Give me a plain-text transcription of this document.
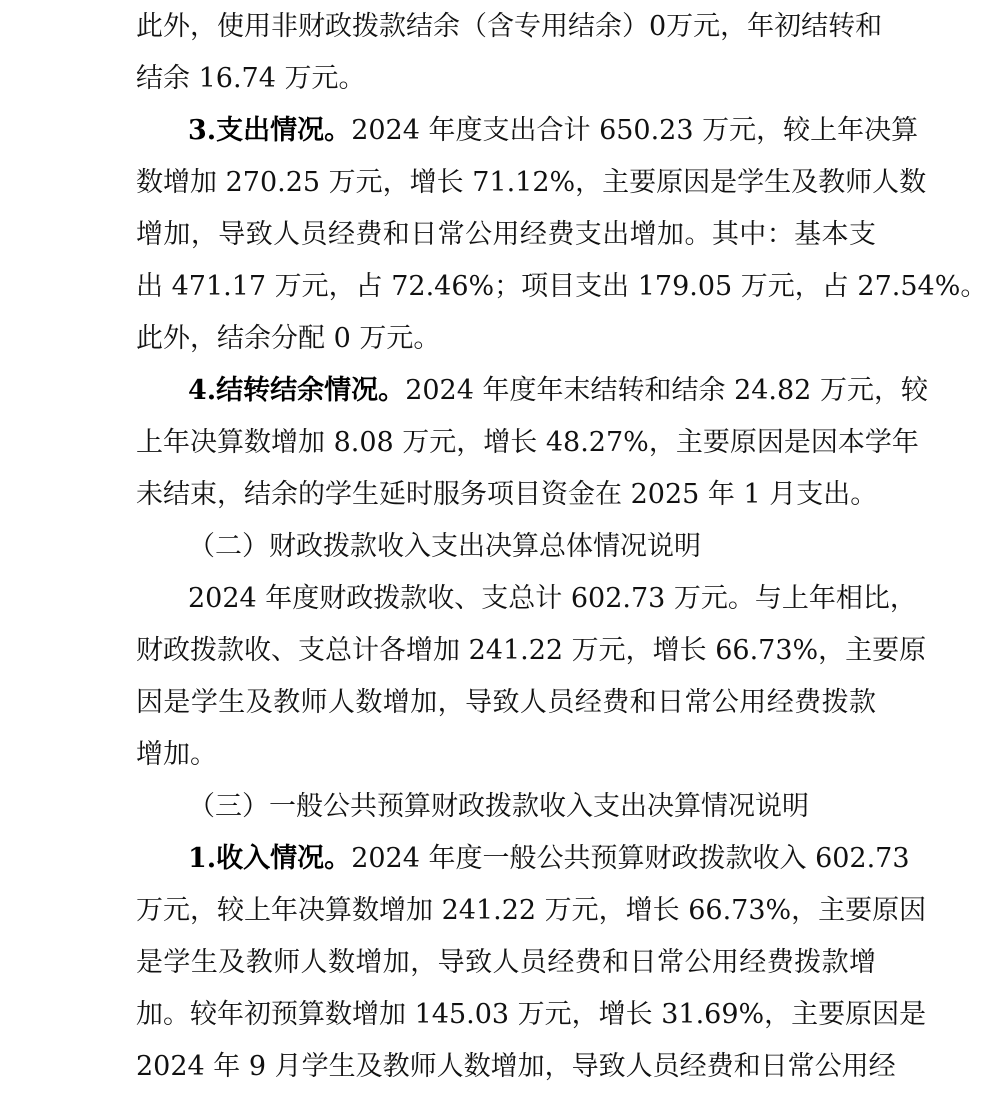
此外，使用非财政拨款结余（含专用结余）0万元，年初结转和
结余 16.74 万元。
3.支出情况。2024 年度支出合计 650.23 万元，较上年决算
数增加 270.25 万元，增长 71.12%，主要原因是学生及教师人数
增加，导致人员经费和日常公用经费支出增加。其中：基本支
出 471.17 万元，占 72.46%；项目支出 179.05 万元，占 27.54%。
此外，结余分配 0 万元。
4.结转结余情况。2024 年度年末结转和结余 24.82 万元，较
上年决算数增加 8.08 万元，增长 48.27%，主要原因是因本学年
未结束，结余的学生延时服务项目资金在 2025 年 1 月支出。
（二）财政拨款收入支出决算总体情况说明
2024 年度财政拨款收、支总计 602.73 万元。与上年相比，
财政拨款收、支总计各增加 241.22 万元，增长 66.73%，主要原
因是学生及教师人数增加，导致人员经费和日常公用经费拨款
增加。
（三）一般公共预算财政拨款收入支出决算情况说明
1.收入情况。2024 年度一般公共预算财政拨款收入 602.73
万元，较上年决算数增加 241.22 万元，增长 66.73%，主要原因
是学生及教师人数增加，导致人员经费和日常公用经费拨款增
加。较年初预算数增加 145.03 万元，增长 31.69%，主要原因是
2024 年 9 月学生及教师人数增加，导致人员经费和日常公用经
